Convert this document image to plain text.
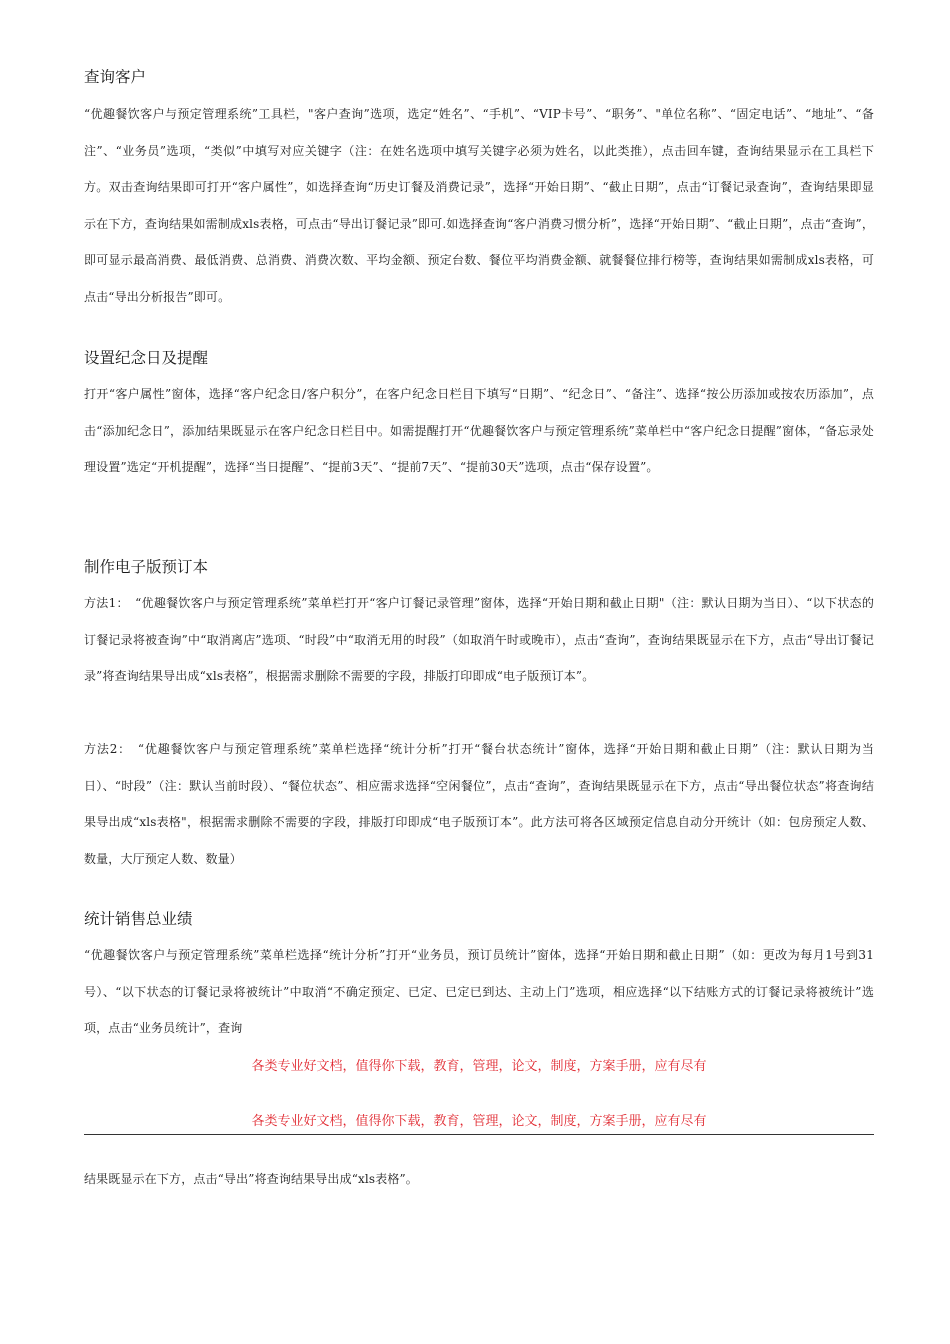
查询客户

“优趣餐饮客户与预定管理系统”工具栏，"客户查询”选项，选定“姓名”、“手机”、“VIP卡号”、“职务”、"单位名称”、“固定电话”、“地址”、“备注”、“业务员”选项，“类似”中填写对应关键字（注：在姓名选项中填写关键字必须为姓名，以此类推），点击回车键，查询结果显示在工具栏下方。双击查询结果即可打开“客户属性”，如选择查询“历史订餐及消费记录”，选择“开始日期”、“截止日期”，点击“订餐记录查询”，查询结果即显示在下方，查询结果如需制成xls表格，可点击“导出订餐记录”即可.如选择查询“客户消费习惯分析”，选择“开始日期”、“截止日期”，点击“查询”，即可显示最高消费、最低消费、总消费、消费次数、平均金额、预定台数、餐位平均消费金额、就餐餐位排行榜等，查询结果如需制成xls表格，可点击“导出分析报告”即可。

设置纪念日及提醒

打开“客户属性”窗体，选择“客户纪念日/客户积分”，在客户纪念日栏目下填写“日期”、“纪念日”、“备注”、选择“按公历添加或按农历添加”，点击“添加纪念日”，添加结果既显示在客户纪念日栏目中。如需提醒打开“优趣餐饮客户与预定管理系统”菜单栏中“客户纪念日提醒”窗体，“备忘录处理设置”选定“开机提醒”，选择“当日提醒”、“提前3天”、“提前7天”、“提前30天”选项，点击“保存设置”。

制作电子版预订本

方法1：　“优趣餐饮客户与预定管理系统”菜单栏打开“客户订餐记录管理”窗体，选择“开始日期和截止日期"（注：默认日期为当日）、“以下状态的订餐记录将被查询”中“取消离店”选项、“时段”中“取消无用的时段”（如取消午时或晚市），点击“查询”，查询结果既显示在下方，点击“导出订餐记录”将查询结果导出成“xls表格”，根据需求删除不需要的字段，排版打印即成“电子版预订本”。

方法2：　“优趣餐饮客户与预定管理系统”菜单栏选择“统计分析”打开“餐台状态统计”窗体，选择“开始日期和截止日期”（注：默认日期为当日）、“时段”（注：默认当前时段）、“餐位状态”、相应需求选择“空闲餐位”，点击“查询”，查询结果既显示在下方，点击“导出餐位状态”将查询结果导出成“xls表格"，根据需求删除不需要的字段，排版打印即成“电子版预订本”。此方法可将各区域预定信息自动分开统计（如：包房预定人数、数量，大厅预定人数、数量）

统计销售总业绩

“优趣餐饮客户与预定管理系统”菜单栏选择“统计分析”打开“业务员，预订员统计”窗体，选择“开始日期和截止日期”（如：更改为每月1号到31号）、“以下状态的订餐记录将被统计”中取消“不确定预定、已定、已定已到达、主动上门”选项，相应选择“以下结账方式的订餐记录将被统计”选项，点击“业务员统计”，查询

各类专业好文档，值得你下载，教育，管理，论文，制度，方案手册，应有尽有
各类专业好文档，值得你下载，教育，管理，论文，制度，方案手册，应有尽有

结果既显示在下方，点击“导出”将查询结果导出成“xls表格”。
